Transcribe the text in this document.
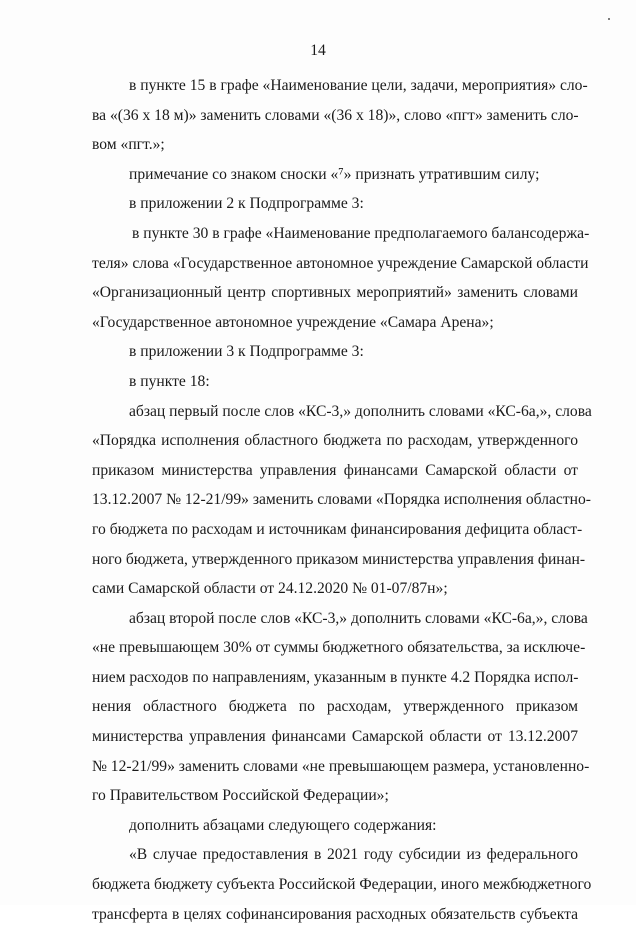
14
в пункте 15 в графе «Наименование цели, задачи, мероприятия» сло-
ва «(36 х 18 м)» заменить словами «(36 х 18)», слово «пгт» заменить сло-
вом «пгт.»;
примечание со знаком сноски «⁷» признать утратившим силу;
в приложении 2 к Подпрограмме 3:
в пункте 30 в графе «Наименование предполагаемого балансодержа-
теля» слова «Государственное автономное учреждение Самарской области
«Организационный центр спортивных мероприятий» заменить словами
«Государственное автономное учреждение «Самара Арена»;
в приложении 3 к Подпрограмме 3:
в пункте 18:
абзац первый после слов «КС-3,» дополнить словами «КС-6а,», слова
«Порядка исполнения областного бюджета по расходам, утвержденного
приказом министерства управления финансами Самарской области от
13.12.2007 № 12-21/99» заменить словами «Порядка исполнения областно-
го бюджета по расходам и источникам финансирования дефицита област-
ного бюджета, утвержденного приказом министерства управления финан-
сами Самарской области от 24.12.2020 № 01-07/87н»;
абзац второй после слов «КС-3,» дополнить словами «КС-6а,», слова
«не превышающем 30% от суммы бюджетного обязательства, за исключе-
нием расходов по направлениям, указанным в пункте 4.2 Порядка испол-
нения областного бюджета по расходам, утвержденного приказом
министерства управления финансами Самарской области от 13.12.2007
№ 12-21/99» заменить словами «не превышающем размера, установленно-
го Правительством Российской Федерации»;
дополнить абзацами следующего содержания:
«В случае предоставления в 2021 году субсидии из федерального
бюджета бюджету субъекта Российской Федерации, иного межбюджетного
трансферта в целях софинансирования расходных обязательств субъекта
